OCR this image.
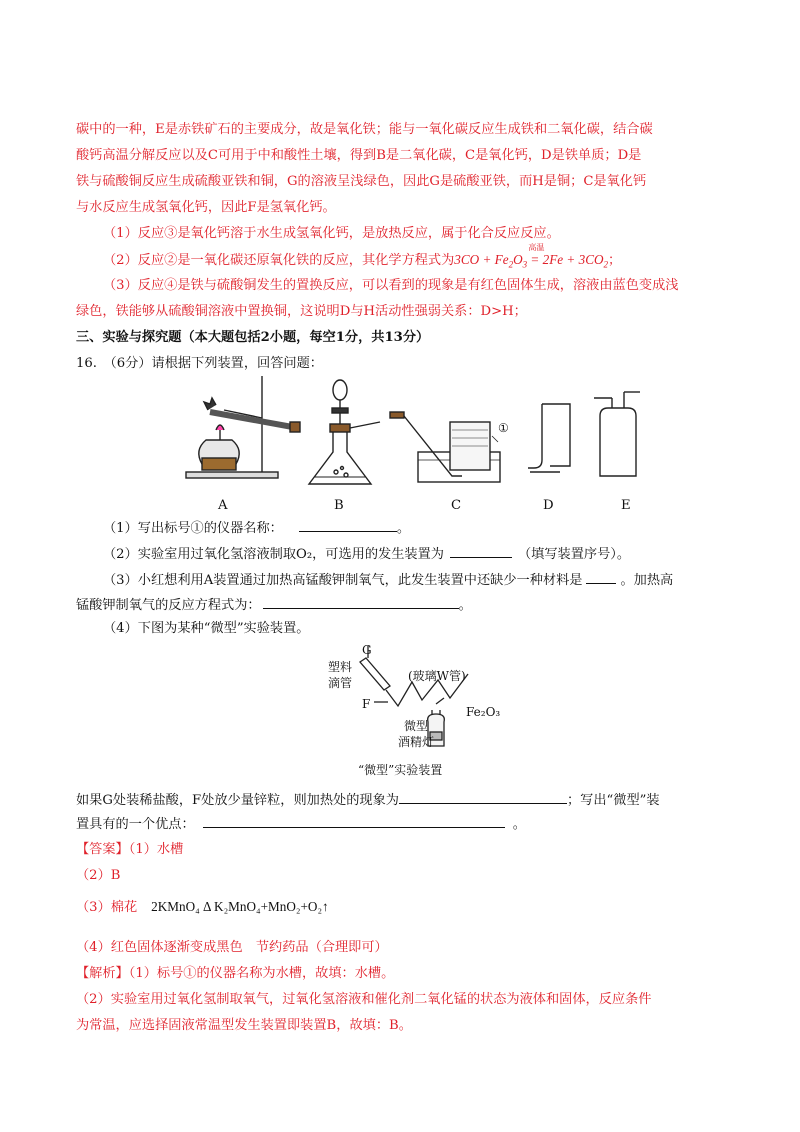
碳中的一种，E是赤铁矿石的主要成分，故是氧化铁；能与一氧化碳反应生成铁和二氧化碳，结合碳
酸钙高温分解反应以及C可用于中和酸性土壤，得到B是二氧化碳，C是氧化钙，D是铁单质；D是
铁与硫酸铜反应生成硫酸亚铁和铜，G的溶液呈浅绿色，因此G是硫酸亚铁，而H是铜；C是氧化钙
与水反应生成氢氧化钙，因此F是氢氧化钙。
（1）反应③是氧化钙溶于水生成氢氧化钙，是放热反应，属于化合反应反应。
（2）反应②是一氧化碳还原氧化铁的反应，其化学方程式为$3CO + Fe_2O_3$
高温
= $2Fe + 3CO_2$；
（3）反应④是铁与硫酸铜发生的置换反应，可以看到的现象是有红色固体生成，溶液由蓝色变成浅
绿色，铁能够从硫酸铜溶液中置换铜，这说明D与H活动性强弱关系：D>H；
三、实验与探究题（本大题包括2小题，每空1分，共13分）
16.　（6分）请根据下列装置，回答问题：
①
A	B	C	D	E
（1）写出标号①的仪器名称：	。
（2）实验室用过氧化氢溶液制取O₂，可选用的发生装置为	（填写装置序号）。
（3）小红想利用A装置通过加热高锰酸钾制氧气，此发生装置中还缺少一种材料是	。加热高
锰酸钾制氧气的反应方程式为：	。
（4）下图为某种“微型”实验装置。
G
塑料
滴管	(玻璃W管)
F
Fe₂O₃
微型
酒精灯
“微型”实验装置
如果G处装稀盐酸，F处放少量锌粒，则加热处的现象为	；写出“微型”装
置具有的一个优点：	。
【答案】（1）水槽
（2）B
（3）棉花 2KMnO₄ Δ K₂MnO₄+MnO₂+O₂↑
（4）红色固体逐渐变成黑色　节约药品（合理即可）
【解析】（1）标号①的仪器名称为水槽，故填：水槽。
（2）实验室用过氧化氢制取氧气，过氧化氢溶液和催化剂二氧化锰的状态为液体和固体，反应条件
为常温，应选择固液常温型发生装置即装置B，故填：B。
